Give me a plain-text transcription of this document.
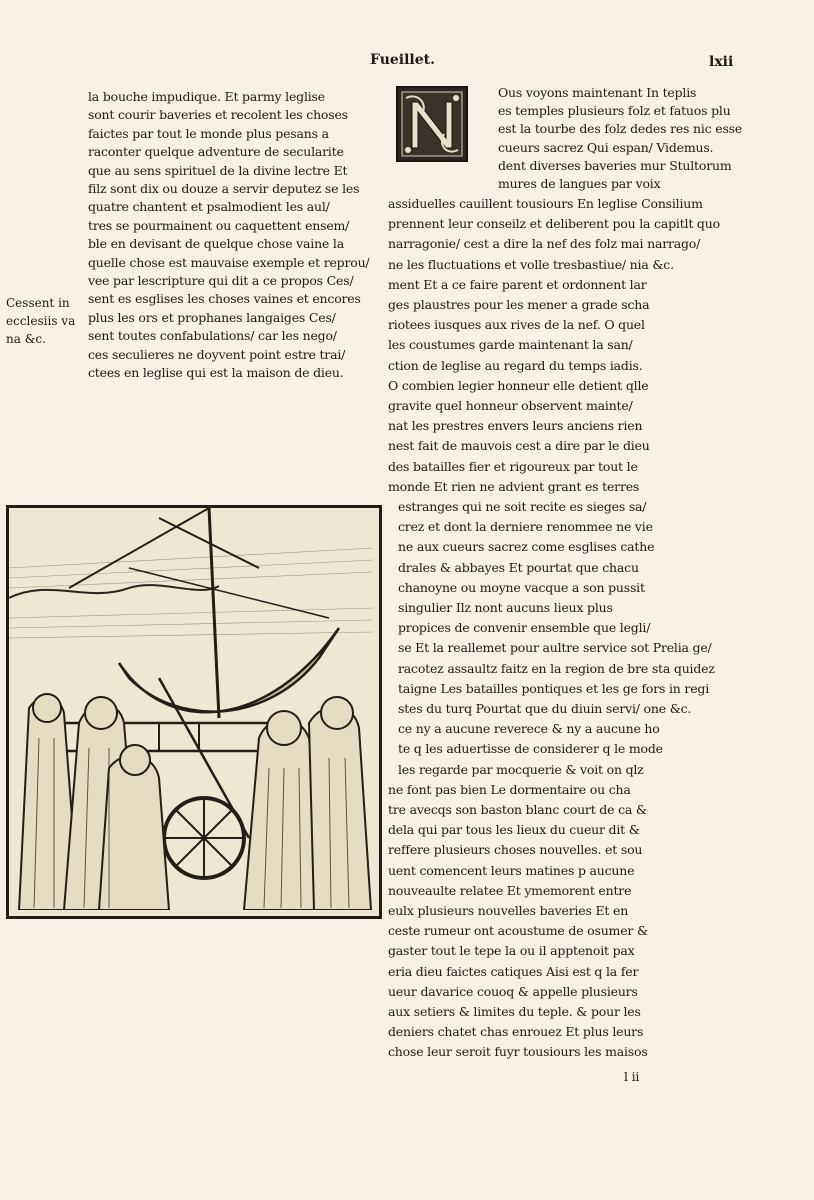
Fueillet.	lxii
la bouche impudique. Et parmy leglise
sont courir baveries et recolent les choses
faictes par tout le monde plus pesans a
raconter quelque adventure de secularite
que au sens spirituel de la divine lectre Et
filz sont dix ou douze a servir deputez se les
quatre chantent et psalmodient les aul/
tres se pourmainent ou caquettent ensem/
ble en devisant de quelque chose vaine la
quelle chose est mauvaise exemple et reprou/
vee par lescripture qui dit a ce propos Ces/
sent es esglises les choses vaines et encores
plus les ors et prophanes langaiges Ces/
sent toutes confabulations/ car les nego/
ces seculieres ne doyvent point estre trai/
ctees en leglise qui est la maison de dieu.
Cessent in
ecclesiis va
na &c.
Ous voyons maintenant In teplis
es temples plusieurs folz et fatuos plu
est la tourbe des folz dedes res nic esse
cueurs sacrez Qui espan/ Videmus.
dent diverses baveries mur Stultorum
mures de langues par voix
assiduelles cauillent tousiours En leglise Consilium
prennent leur conseilz et deliberent pou la capitlt quo
narragonie/ cest a dire la nef des folz mai narrago/
ne les fluctuations et volle tresbastiue/ nia &c.
ment Et a ce faire parent et ordonnent lar
ges plaustres pour les mener a grade scha
riotees iusques aux rives de la nef. O quel
les coustumes garde maintenant la san/
ction de leglise au regard du temps iadis.
O combien legier honneur elle detient qlle
gravite quel honneur observent mainte/
nat les prestres envers leurs anciens rien
nest fait de mauvois cest a dire par le dieu
des batailles fier et rigoureux par tout le
monde Et rien ne advient grant es terres
estranges qui ne soit recite es sieges sa/
crez et dont la derniere renommee ne vie
ne aux cueurs sacrez come esglises cathe
drales & abbayes Et pourtat que chacu
chanoyne ou moyne vacque a son pussit
singulier Ilz nont aucuns lieux plus
propices de convenir ensemble que legli/
se Et la reallemet pour aultre service sot Prelia ge/
racotez assaultz faitz en la region de bre sta quidez
taigne Les batailles pontiques et les ge fors in regi
stes du turq Pourtat que du diuin servi/ one &c.
ce ny a aucune reverece & ny a aucune ho
te q les aduertisse de considerer q le mode
les regarde par mocquerie & voit on qlz
ne font pas bien Le dormentaire ou cha
tre avecqs son baston blanc court de ca &
dela qui par tous les lieux du cueur dit &
reffere plusieurs choses nouvelles. et sou
uent comencent leurs matines p aucune
nouveaulte relatee Et ymemorent entre
eulx plusieurs nouvelles baveries Et en
ceste rumeur ont acoustume de osumer &
gaster tout le tepe la ou il apptenoit pax
eria dieu faictes catiques Aisi est q la fer
ueur davarice couoq & appelle plusieurs
aux setiers & limites du teple. & pour les
deniers chatet chas enrouez Et plus leurs
chose leur seroit fuyr tousiours les maisos
l ii
